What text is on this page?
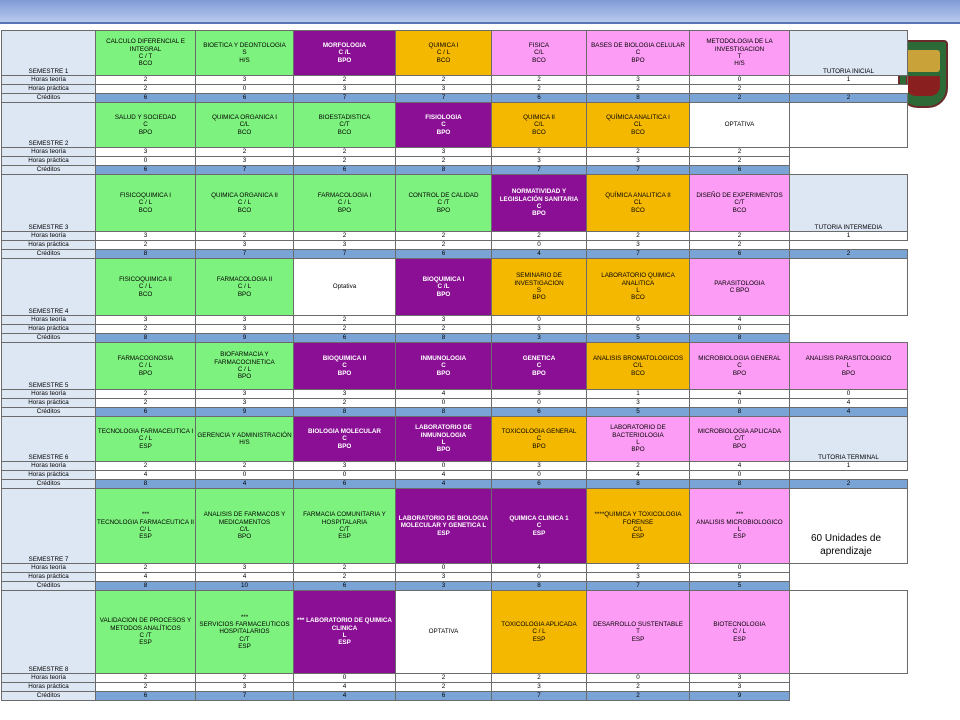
SEMESTRE 1	CALCULO DIFERENCIAL E INTEGRAL
C / T
BCO	BIOETICA Y DEONTOLOGIA
S
H/S	MORFOLOGIA
C /L
BPO	QUIMICA I
C / L
BCO	FISICA
C/L
BCO	BASES DE BIOLOGIA CELULAR
C
BPO	METODOLOGIA DE LA INVESTIGACION
T
H/S	TUTORIA INICIAL

Horas teoría	2	3	2	2	2	3	0	1
Horas práctica	2	0	3	3	2	2	2	
Créditos	6	6	7	7	6	8	2	2
SEMESTRE 2	SALUD Y SOCIEDAD
C
BPO	QUIMICA ORGANICA I
C/L
BCO	BIOESTADISTICA
C/T
BCO	FISIOLOGIA
C
BPO	QUIMICA II
C/L
BCO	QUÍMICA ANALITICA I
CL
BCO	OPTATIVA	

Horas teoría	3	2	2	3	2	2	2	
Horas práctica	0	3	2	2	3	3	2	
Créditos	6	7	6	8	7	7	6	
SEMESTRE 3	FISICOQUIMICA I
C / L
BCO	QUIMICA ORGANICA II
C / L
BCO	FARMACOLOGIA I
C / L
BPO	CONTROL DE CALIDAD
C /T
BPO	NORMATIVIDAD Y LEGISLACIÓN SANITARIA
C
BPO	QUÍMICA ANALITICA II
CL
BCO	DISEÑO DE EXPERIMENTOS
C/T
BCO	TUTORIA INTERMEDIA

Horas teoría	3	2	2	2	2	2	2	1
Horas práctica	2	3	3	2	0	3	2	
Créditos	8	7	7	6	4	7	6	2
SEMESTRE 4	FISICOQUIMICA II
C / L
BCO	FARMACOLOGIA II
C / L
BPO	Optativa	BIOQUIMICA I
C /L
BPO	SEMINARIO DE INVESTIGACION
S
BPO	LABORATORIO QUIMICA ANALITICA
L
BCO	PARASITOLOGIA
C BPO	

Horas teoría	3	3	2	3	0	0	4	
Horas práctica	2	3	2	2	3	5	0	
Créditos	8	9	6	8	3	5	8	
SEMESTRE 5	FARMACOGNOSIA
C / L
BPO	BIOFARMACIA Y FARMACOCINETICA
C / L
BPO	BIOQUIMICA II
C
BPO	INMUNOLOGIA
C
BPO	GENETICA
C
BPO	ANALISIS BROMATOLOGICOS
C/L
BCO	MICROBIOLOGIA GENERAL
C
BPO	ANALISIS PARASITOLOGICO
L
BPO

Horas teoría	2	3	3	4	3	1	4	0
Horas práctica	2	3	2	0	0	3	0	4
Créditos	6	9	8	8	6	5	8	4
SEMESTRE 6	TECNOLOGIA FARMACEUTICA I C / L
ESP	GERENCIA Y ADMINISTRACIÓN
H/S	BIOLOGIA MOLECULAR
C
BPO	LABORATORIO DE INMUNOLOGIA
L
BPO	TOXICOLOGIA GENERAL
C
BPO	LABORATORIO DE BACTERIOLOGIA
L
BPO	MICROBIOLOGIA APLICADA
C/T
BPO	TUTORIA TERMINAL

Horas teoría	2	2	3	0	3	2	4	1
Horas práctica	4	0	0	4	0	4	0	
Créditos	8	4	6	4	6	8	8	2
SEMESTRE 7	***
TECNOLOGIA FARMACEUTICA II C/ L
ESP	ANALISIS DE FARMACOS Y MEDICAMENTOS
C/L
BPO	FARMACIA COMUNITARIA Y HOSPITALARIA
C/T
ESP	LABORATORIO DE BIOLOGIA MOLECULAR Y GENETICA L
ESP	QUIMICA CLINICA 1
C
ESP	****QUIMICA Y TOXICOLOGIA FORENSE
C/L
ESP	***
ANALISIS MICROBIOLOGICO
L
ESP	

Horas teoría	2	3	2	0	4	2	0	
Horas práctica	4	4	2	3	0	3	5	
Créditos	8	10	6	3	8	7	5	
SEMESTRE 8	VALIDACION DE PROCESOS Y METODOS ANALÍTICOS
C /T
ESP	***
SERVICIOS FARMACEUTICOS HOSPITALARIOS
C/T
ESP	*** LABORATORIO DE QUIMICA CLINICA
L
ESP	OPTATIVA	TOXICOLOGIA APLICADA
C / L
ESP	DESARROLLO SUSTENTABLE
T
ESP	BIOTECNOLOGIA
C / L
ESP	

Horas teoría	2	2	0	2	2	0	3	
Horas práctica	2	3	4	2	3	2	3	
Créditos	6	7	4	6	7	2	9	
60 Unidades de aprendizaje
